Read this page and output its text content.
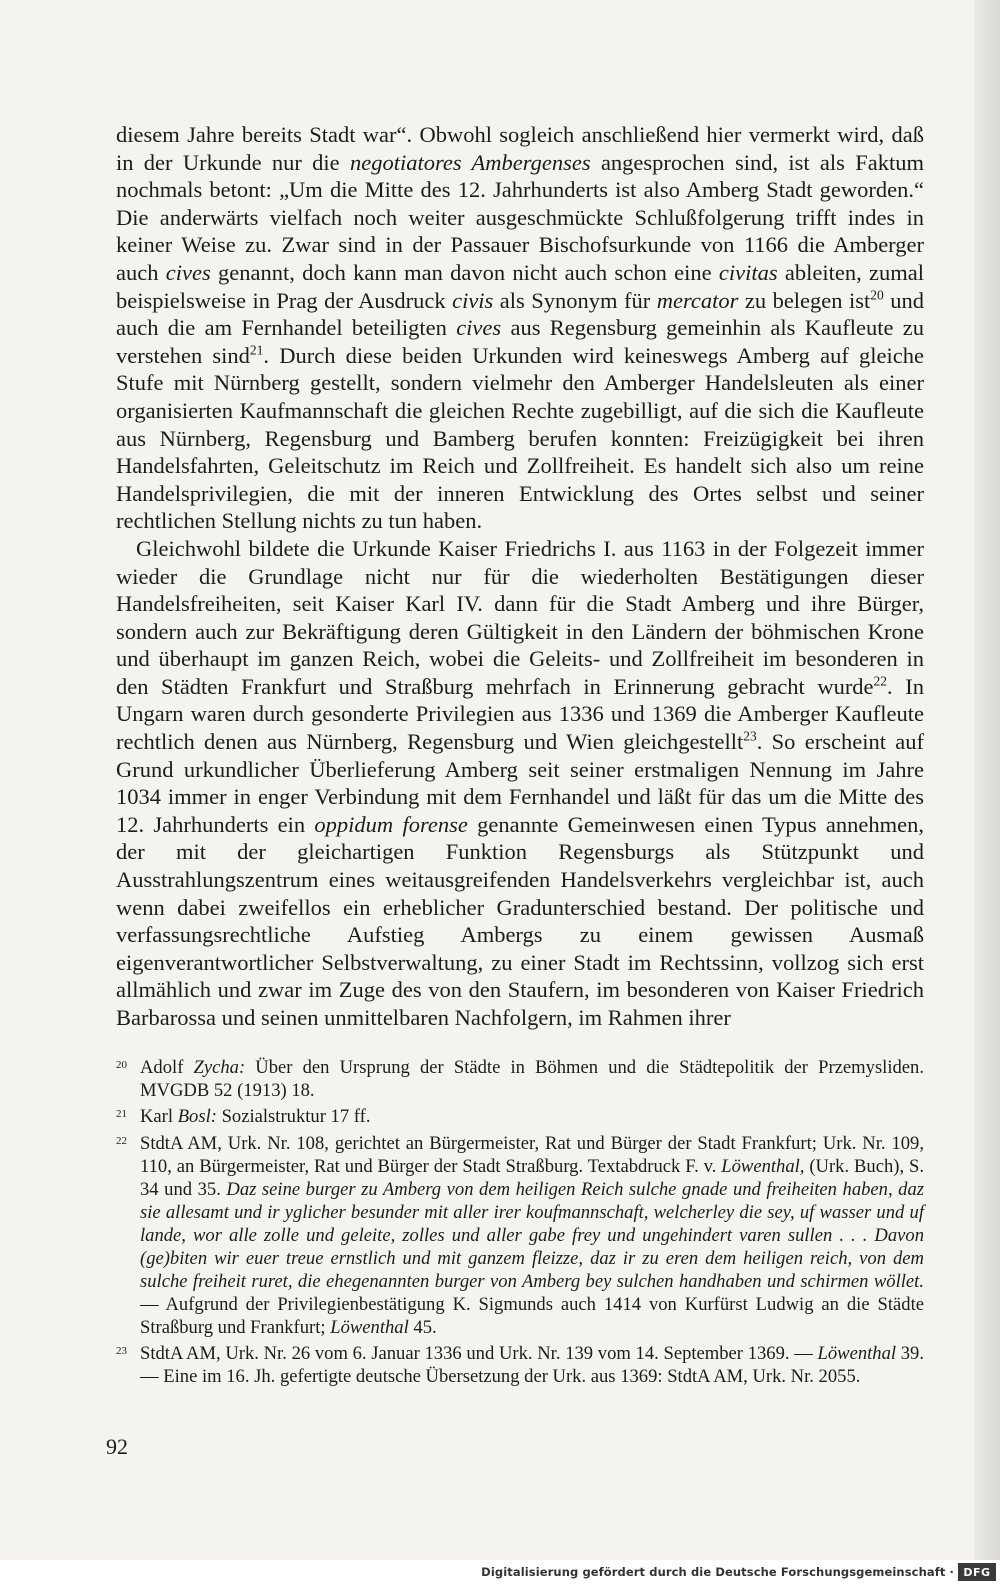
diesem Jahre bereits Stadt war“. Obwohl sogleich anschließend hier vermerkt wird, daß in der Urkunde nur die negotiatores Ambergenses angesprochen sind, ist als Faktum nochmals betont: „Um die Mitte des 12. Jahrhunderts ist also Amberg Stadt geworden.“ Die anderwärts vielfach noch weiter ausgeschmückte Schlußfolgerung trifft indes in keiner Weise zu. Zwar sind in der Passauer Bischofsurkunde von 1166 die Amberger auch cives genannt, doch kann man davon nicht auch schon eine civitas ableiten, zumal beispielsweise in Prag der Ausdruck civis als Synonym für mercator zu belegen ist$^{20}$ und auch die am Fernhandel beteiligten cives aus Regensburg gemeinhin als Kaufleute zu verstehen sind$^{21}$. Durch diese beiden Urkunden wird keineswegs Amberg auf gleiche Stufe mit Nürnberg gestellt, sondern vielmehr den Amberger Handelsleuten als einer organisierten Kaufmannschaft die gleichen Rechte zugebilligt, auf die sich die Kaufleute aus Nürnberg, Regensburg und Bamberg berufen konnten: Freizügigkeit bei ihren Handelsfahrten, Geleitschutz im Reich und Zollfreiheit. Es handelt sich also um reine Handelsprivilegien, die mit der inneren Entwicklung des Ortes selbst und seiner rechtlichen Stellung nichts zu tun haben.

Gleichwohl bildete die Urkunde Kaiser Friedrichs I. aus 1163 in der Folgezeit immer wieder die Grundlage nicht nur für die wiederholten Bestätigungen dieser Handelsfreiheiten, seit Kaiser Karl IV. dann für die Stadt Amberg und ihre Bürger, sondern auch zur Bekräftigung deren Gültigkeit in den Ländern der böhmischen Krone und überhaupt im ganzen Reich, wobei die Geleits- und Zollfreiheit im besonderen in den Städten Frankfurt und Straßburg mehrfach in Erinnerung gebracht wurde$^{22}$. In Ungarn waren durch gesonderte Privilegien aus 1336 und 1369 die Amberger Kaufleute rechtlich denen aus Nürnberg, Regensburg und Wien gleichgestellt$^{23}$. So erscheint auf Grund urkundlicher Überlieferung Amberg seit seiner erstmaligen Nennung im Jahre 1034 immer in enger Verbindung mit dem Fernhandel und läßt für das um die Mitte des 12. Jahrhunderts ein oppidum forense genannte Gemeinwesen einen Typus annehmen, der mit der gleichartigen Funktion Regensburgs als Stützpunkt und Ausstrahlungszentrum eines weitausgreifenden Handelsverkehrs vergleichbar ist, auch wenn dabei zweifellos ein erheblicher Gradunterschied bestand. Der politische und verfassungsrechtliche Aufstieg Ambergs zu einem gewissen Ausmaß eigenverantwortlicher Selbstverwaltung, zu einer Stadt im Rechtssinn, vollzog sich erst allmählich und zwar im Zuge des von den Staufern, im besonderen von Kaiser Friedrich Barbarossa und seinen unmittelbaren Nachfolgern, im Rahmen ihrer

20 Adolf Zycha: Über den Ursprung der Städte in Böhmen und die Städtepolitik der Przemysliden. MVGDB 52 (1913) 18.
21 Karl Bosl: Sozialstruktur 17 ff.
22 StdtA AM, Urk. Nr. 108, gerichtet an Bürgermeister, Rat und Bürger der Stadt Frankfurt; Urk. Nr. 109, 110, an Bürgermeister, Rat und Bürger der Stadt Straßburg. Textabdruck F. v. Löwenthal, (Urk. Buch), S. 34 und 35. Daz seine burger zu Amberg von dem heiligen Reich sulche gnade und freiheiten haben, daz sie allesamt und ir yglicher besunder mit aller irer koufmannschaft, welcherley die sey, uf wasser und uf lande, wor alle zolle und geleite, zolles und aller gabe frey und ungehindert varen sullen . . . Davon (ge)biten wir euer treue ernstlich und mit ganzem fleizze, daz ir zu eren dem heiligen reich, von dem sulche freiheit ruret, die ehegenannten burger von Amberg bey sulchen handhaben und schirmen wöllet. — Aufgrund der Privilegienbestätigung K. Sigmunds auch 1414 von Kurfürst Ludwig an die Städte Straßburg und Frankfurt; Löwenthal 45.
23 StdtA AM, Urk. Nr. 26 vom 6. Januar 1336 und Urk. Nr. 139 vom 14. September 1369. — Löwenthal 39. — Eine im 16. Jh. gefertigte deutsche Übersetzung der Urk. aus 1369: StdtA AM, Urk. Nr. 2055.
92
Digitalisierung gefördert durch die Deutsche Forschungsgemeinschaft · DFG
